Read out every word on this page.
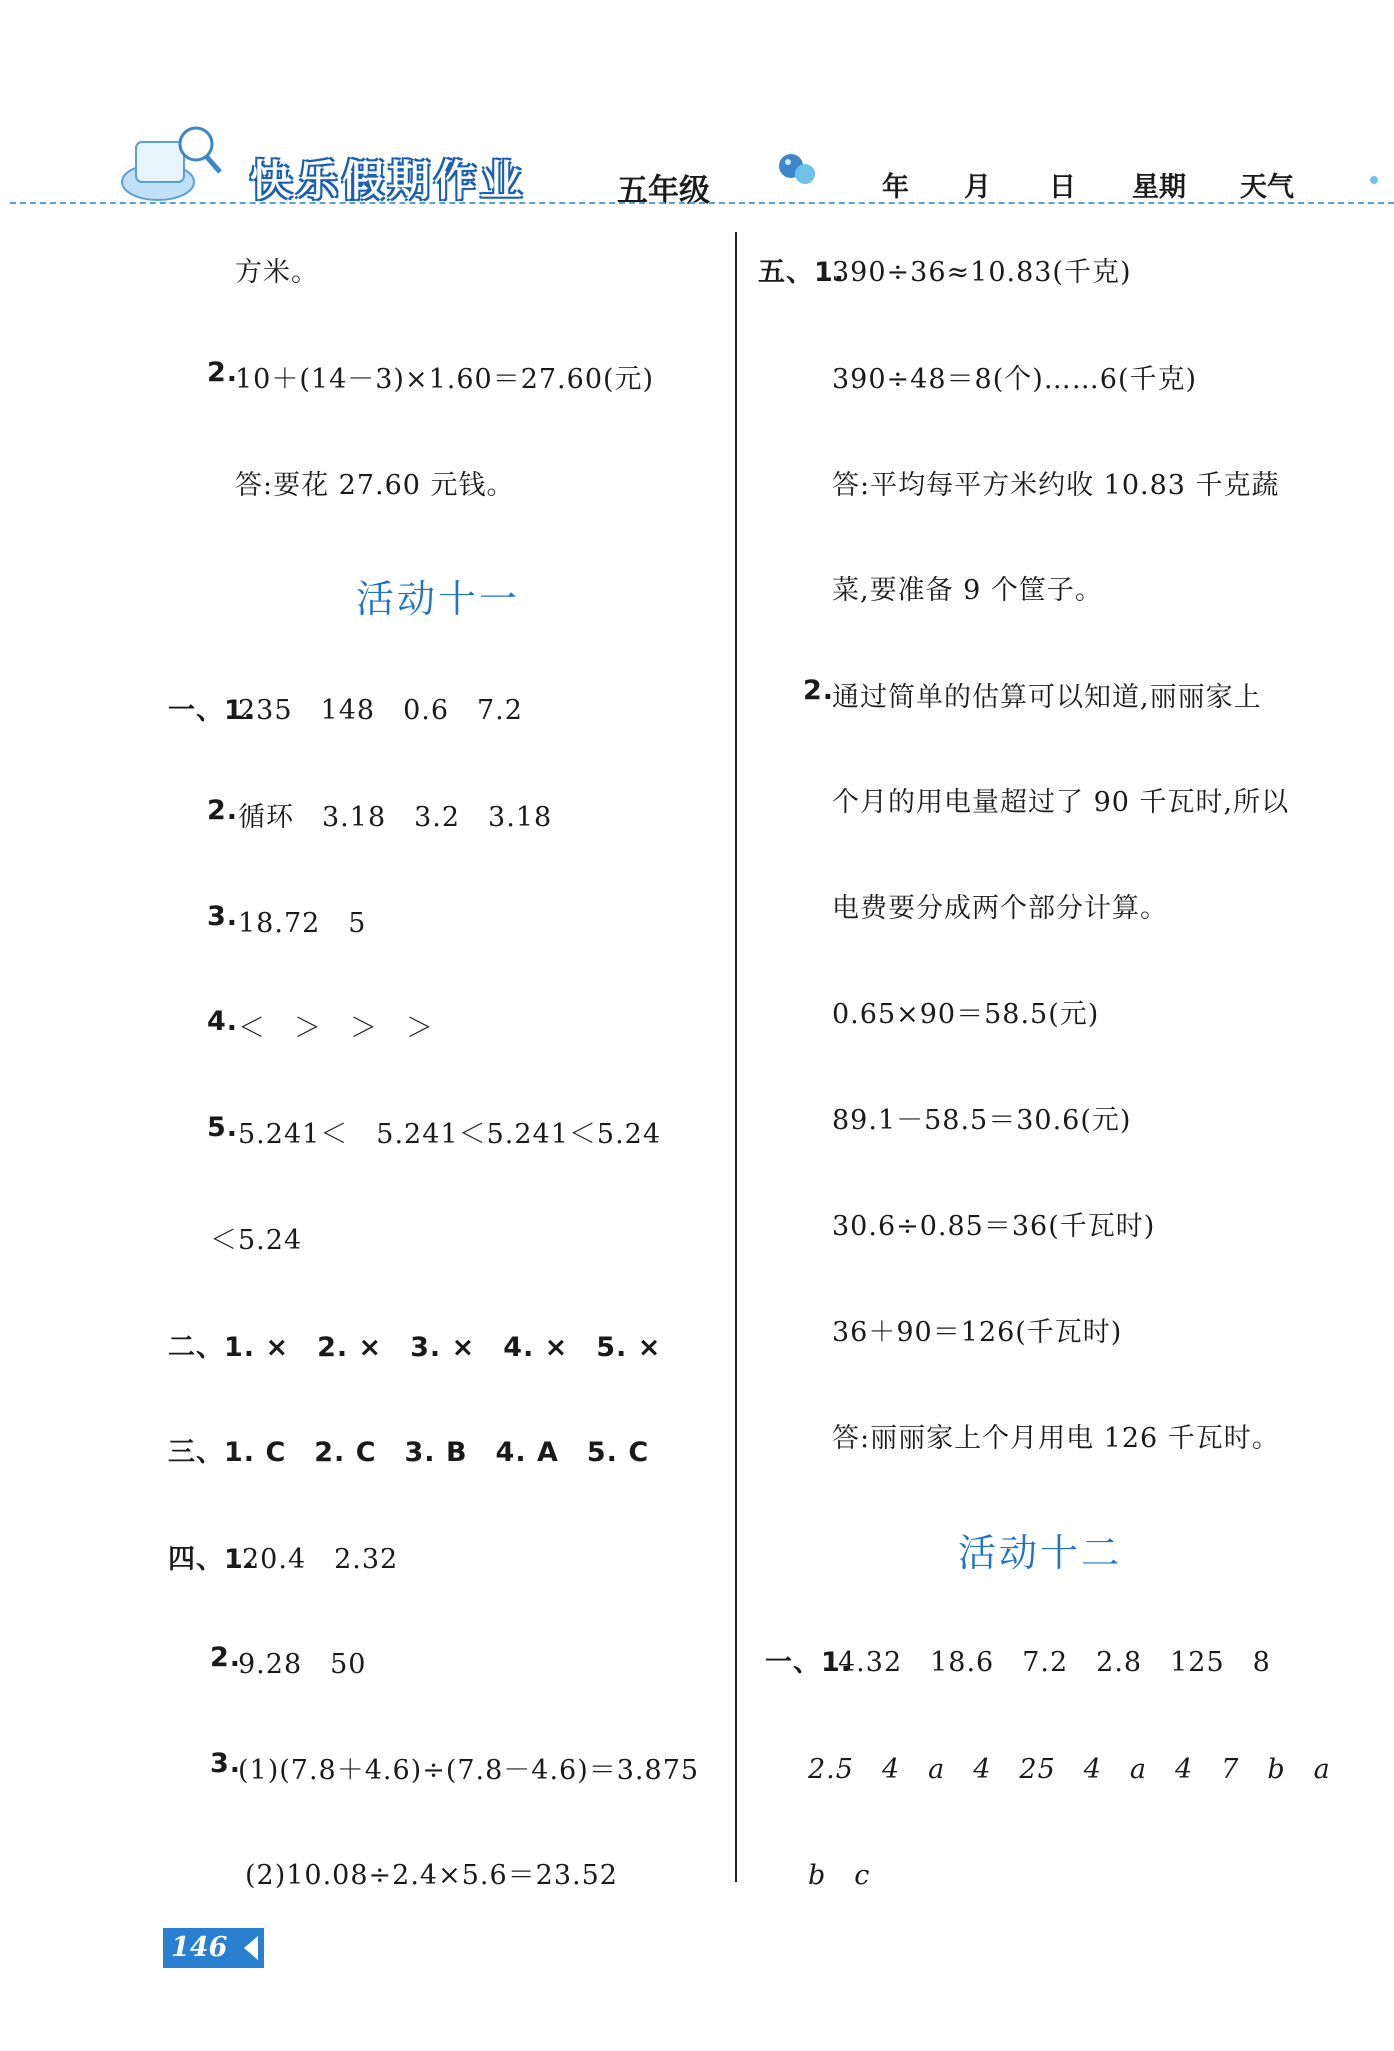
快乐假期作业	五年级	年 月 日 星期 天气
方米。
2.
10＋(14－3)×1.60＝27.60(元)
答:要花 27.60 元钱。
活动十一
一、1.
235　148　0.6　7.2
2. 循环　3.18　3.2　3.18
3. 18.72　5
4. ＜　＞　＞　＞
5. 5.241＜　5.241＜5.241＜5.24
＜5.24
二、1. ×　2. ×　3. ×　4. ×　5. ×
三、1. C　2. C　3. B　4. A　5. C
四、1.
20.4　2.32
2.
9.28　50
3.
(1)(7.8＋4.6)÷(7.8－4.6)＝3.875
(2)10.08÷2.4×5.6＝23.52
五、1.
390÷36≈10.83(千克)
390÷48＝8(个)……6(千克)
答:平均每平方米约收 10.83 千克蔬
菜,要准备 9 个筐子。
2.
通过简单的估算可以知道,丽丽家上
个月的用电量超过了 90 千瓦时,所以
电费要分成两个部分计算。
0.65×90＝58.5(元)
89.1－58.5＝30.6(元)
30.6÷0.85＝36(千瓦时)
36＋90＝126(千瓦时)
答:丽丽家上个月用电 126 千瓦时。
活动十二
一、1.
4.32　18.6　7.2　2.8　125　8
2.5　4　a　4　25　4　a　4　7　b　a
b　c
146
